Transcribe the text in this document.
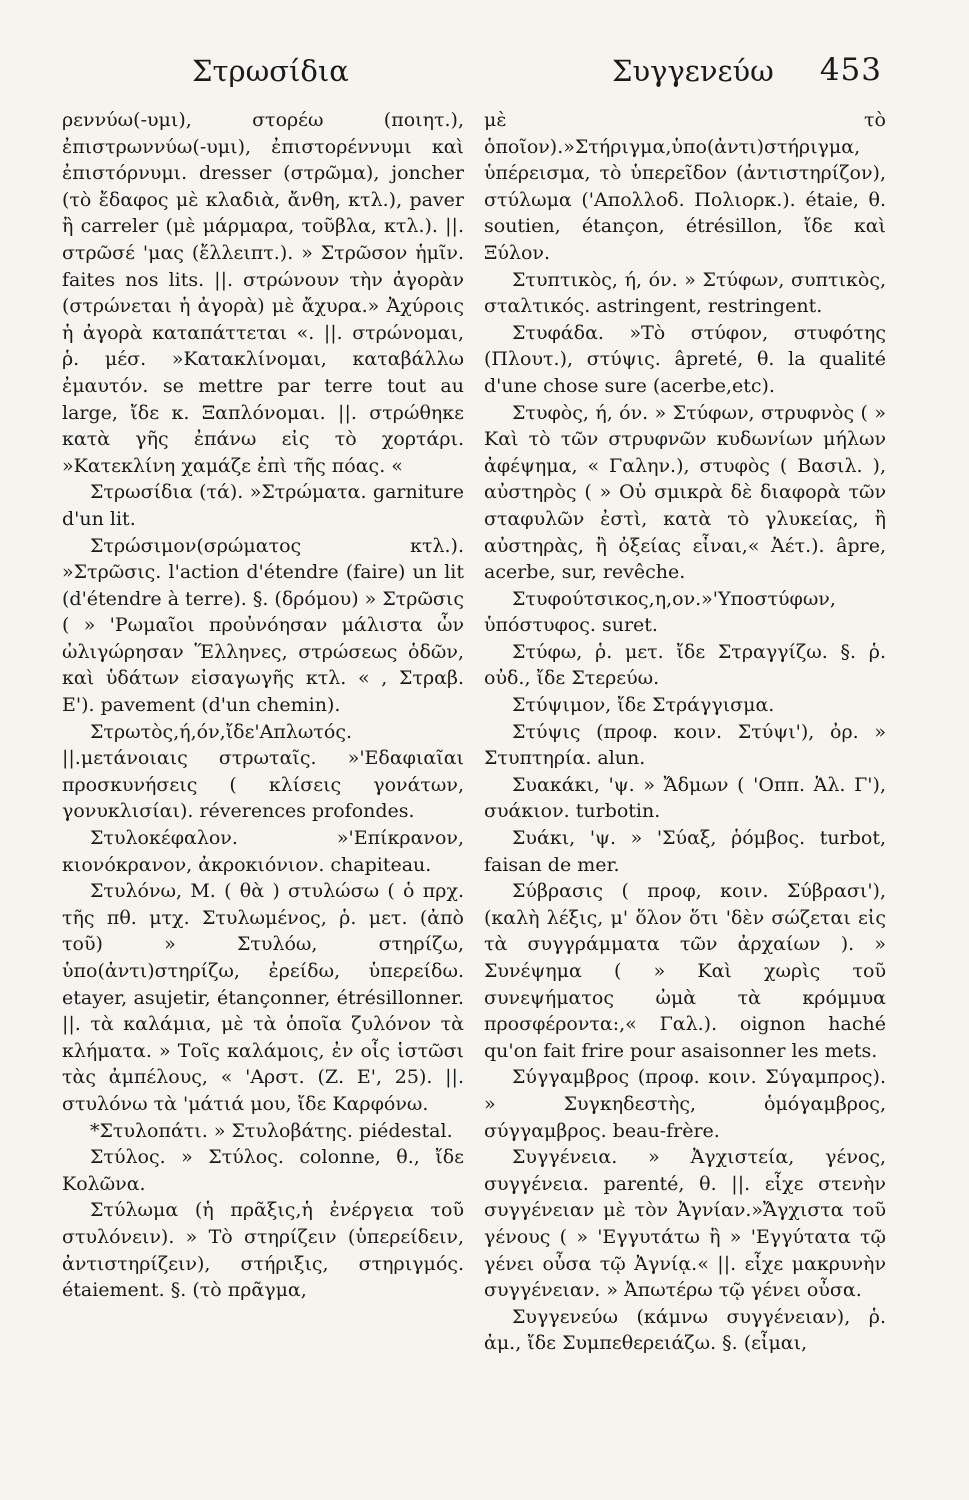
Στρωσίδια	Συγγενεύω 453

ρεννύω(-υμι), στορέω (ποιητ.), ἐπιστρωννύω(-υμι), ἐπιστορέννυμι καὶ ἐπιστόρνυμι. dresser (στρῶμα), joncher (τὸ ἔδαφος μὲ κλαδιὰ, ἄνθη, κτλ.), paver ἢ carreler (μὲ μάρμαρα, τοῦβλα, κτλ.). ||. στρῶσέ 'μας (ἔλλειπτ.). » Στρῶσον ἡμῖν. faites nos lits. ||. στρώνουν τὴν ἀγορὰν (στρώνεται ἡ ἀγορὰ) μὲ ἄχυρα.» Ἀχύροις ἡ ἀγορὰ καταπάττεται «. ||. στρώνομαι, ῥ. μέσ. »Κατακλίνομαι, καταβάλλω ἐμαυτόν. se mettre par terre tout au large, ἴδε κ. Ξαπλόνομαι. ||. στρώθηκε κατὰ γῆς ἐπάνω εἰς τὸ χορτάρι. »Κατεκλίνη χαμάζε ἐπὶ τῆς πόας. «

Στρωσίδια (τά). »Στρώματα. garniture d'un lit.

Στρώσιμον(σρώματος κτλ.). »Στρῶσις. l'action d'étendre (faire) un lit (d'étendre à terre). §. (δρόμου) » Στρῶσις ( » 'Ρωμαῖοι προὐνόησαν μάλιστα ὧν ὠλιγώρησαν Ἕλληνες, στρώσεως ὁδῶν, καὶ ὑδάτων εἰσαγωγῆς κτλ. « , Στραβ. Ε'). pavement (d'un chemin).

Στρωτὸς,ή,όν,ἴδε'Απλωτός. ||.μετάνοιαις στρωταῖς. »'Εδαφιαῖαι προσκυνήσεις ( κλίσεις γονάτων, γονυκλισίαι). réverences profondes.

Στυλοκέφαλον. »'Επίκρανον, κιονόκρανον, ἀκροκιόνιον. chapiteau.

Στυλόνω, Μ. ( θὰ ) στυλώσω ( ὁ πρχ. τῆς πθ. μτχ. Στυλωμένος, ῥ. μετ. (ἀπὸ τοῦ) » Στυλόω, στηρίζω, ὑπο(ἀντι)στηρίζω, ἐρείδω, ὑπερείδω. etayer, asujetir, étançonner, étrésillonner. ||. τὰ καλάμια, μὲ τὰ ὁποῖα ζυλόνον τὰ κλήματα. » Τοῖς καλάμοις, ἐν οἷς ἱστῶσι τὰς ἀμπέλους, « 'Αρστ. (Ζ. Ε', 25). ||. στυλόνω τὰ 'μάτιά μου, ἴδε Καρφόνω.

*Στυλοπάτι. » Στυλοβάτης. piédestal.

Στύλος. » Στύλος. colonne, θ., ἴδε Κολῶνα.

Στύλωμα (ἡ πρᾶξις,ἡ ἐνέργεια τοῦ στυλόνειν). » Τὸ στηρίζειν (ὑπερείδειν, ἀντιστηρίζειν), στήριξις, στηριγμός. étaiement. §. (τὸ πρᾶγμα,

μὲ τὸ ὁποῖον).»Στήριγμα,ὑπο(ἀντι)στήριγμα, ὑπέρεισμα, τὸ ὑπερεῖδον (ἀντιστηρίζον), στύλωμα ('Απολλοδ. Πολιορκ.). étaie, θ. soutien, étançon, étrésillon, ἴδε καὶ Ξύλον.

Στυπτικὸς, ή, όν. » Στύφων, συπτικὸς, σταλτικός. astringent, restringent.

Στυφάδα. »Τὸ στύφον, στυφότης (Πλουτ.), στύψις. âpreté, θ. la qualité d'une chose sure (acerbe,etc).

Στυφὸς, ή, όν. » Στύφων, στρυφνὸς ( » Καὶ τὸ τῶν στρυφνῶν κυδωνίων μήλων ἀφέψημα, « Γαλην.), στυφὸς ( Βασιλ. ), αὐστηρὸς ( » Οὐ σμικρὰ δὲ διαφορὰ τῶν σταφυλῶν ἐστὶ, κατὰ τὸ γλυκείας, ἢ αὐστηρὰς, ἢ ὀξείας εἶναι,« Ἀέτ.). âpre, acerbe, sur, revêche.

Στυφούτσικος,η,ον.»'Υποστύφων, ὑπόστυφος. suret.

Στύφω, ῥ. μετ. ἴδε Στραγγίζω. §. ῥ. οὐδ., ἴδε Στερεύω.

Στύψιμον, ἴδε Στράγγισμα.

Στύψις (προφ. κοιν. Στύψι'), ὀρ. » Στυπτηρία. alun.

Συακάκι, 'ψ. » Ἄδμων ( 'Οππ. Ἁλ. Γ'), συάκιον. turbotin.

Συάκι, 'ψ. » 'Σύαξ, ῥόμβος. turbot, faisan de mer.

Σύβρασις ( προφ, κοιν. Σύβρασι'), (καλὴ λέξις, μ' ὅλον ὅτι 'δὲν σώζεται εἰς τὰ συγγράμματα τῶν ἀρχαίων ). » Συνέψημα ( » Καὶ χωρὶς τοῦ συνεψήματος ὠμὰ τὰ κρόμμυα προσφέροντα:,« Γαλ.). oignon haché qu'on fait frire pour asaisonner les mets.

Σύγγαμβρος (προφ. κοιν. Σύγαμπρος). » Συγκηδεστὴς, ὁμόγαμβρος, σύγγαμβρος. beau-frère.

Συγγένεια. » Ἀγχιστεία, γένος, συγγένεια. parenté, θ. ||. εἶχε στενὴν συγγένειαν μὲ τὸν Ἀγνίαν.»Ἄγχιστα τοῦ γένους ( » 'Εγγυτάτω ἢ » 'Εγγύτατα τῷ γένει οὖσα τῷ Ἀγνίᾳ.« ||. εἶχε μακρυνὴν συγγένειαν. » Ἀπωτέρω τῷ γένει οὖσα.

Συγγενεύω (κάμνω συγγένειαν), ῥ. ἀμ., ἴδε Συμπεθερειάζω. §. (εἶμαι,
